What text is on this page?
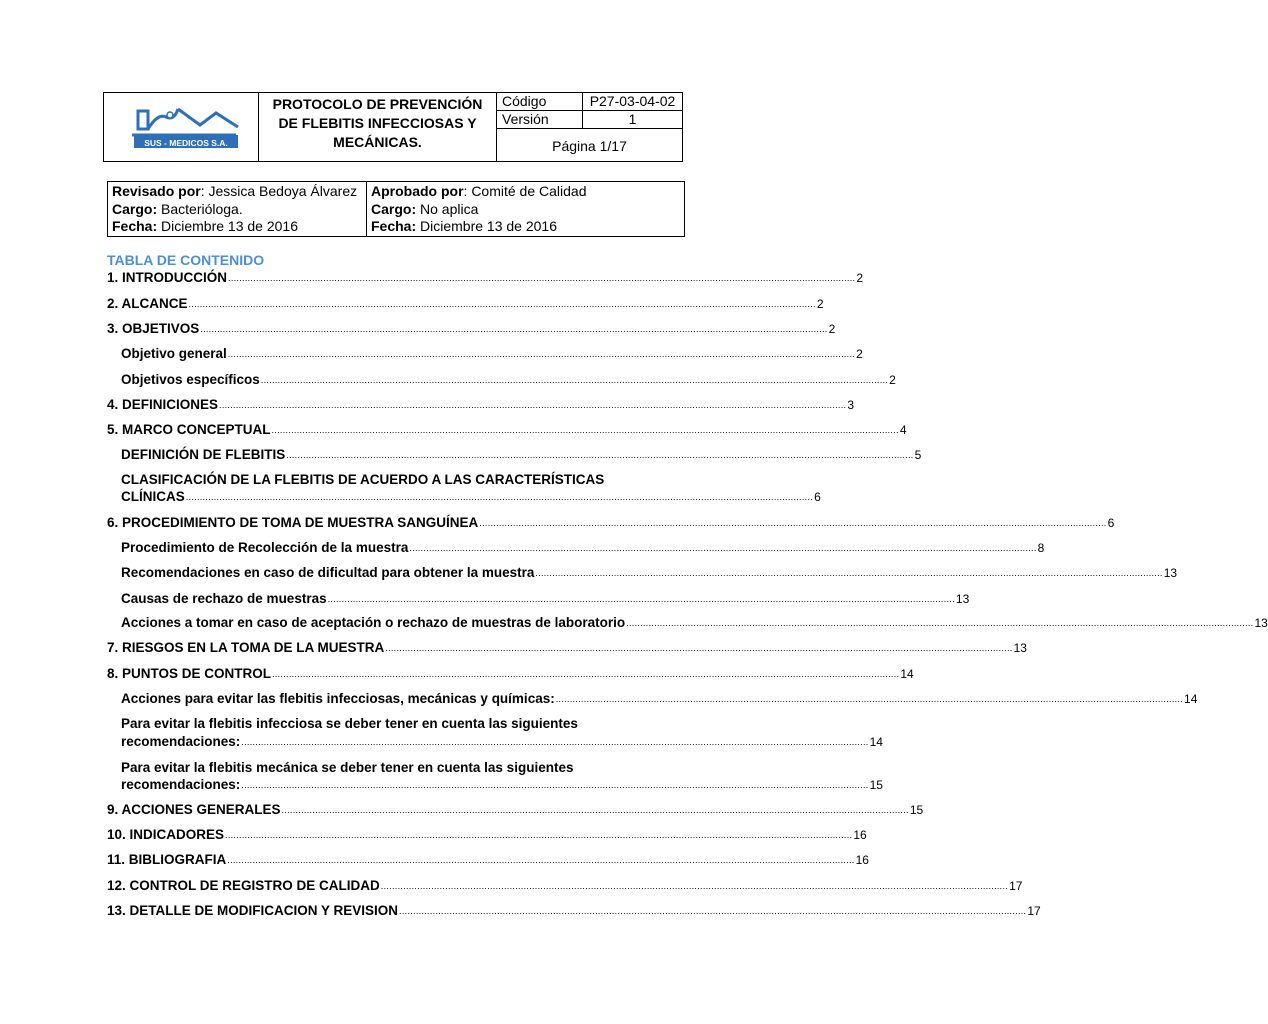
SUS - MEDICOS S.A.
PROTOCOLO DE PREVENCIÓN
DE FLEBITIS INFECCIOSAS Y
MECÁNICAS.
Código	P27-03-04-02
Versión	1
Página 1/17
Revisado por: Jessica Bedoya Álvarez
Cargo: Bacterióloga.
Fecha: Diciembre 13 de 2016
Aprobado por: Comité de Calidad
Cargo: No aplica
Fecha: Diciembre 13 de 2016
TABLA DE CONTENIDO
1. INTRODUCCIÓN ................................................................................................................................................................................................................................ 2
2. ALCANCE ................................................................................................................................................................................................................................ 2
3. OBJETIVOS ................................................................................................................................................................................................................................ 2
Objetivo general ................................................................................................................................................................................................................................ 2
Objetivos específicos ................................................................................................................................................................................................................................ 2
4. DEFINICIONES ................................................................................................................................................................................................................................ 3
5. MARCO CONCEPTUAL ................................................................................................................................................................................................................................ 4
DEFINICIÓN DE FLEBITIS ................................................................................................................................................................................................................................ 5
CLASIFICACIÓN DE LA FLEBITIS DE ACUERDO A LAS CARACTERÍSTICAS
CLÍNICAS ................................................................................................................................................................................................................................ 6
6. PROCEDIMIENTO DE TOMA DE MUESTRA SANGUÍNEA ................................................................................................................................................................................................................................ 6
Procedimiento de Recolección de la muestra ................................................................................................................................................................................................................................ 8
Recomendaciones en caso de dificultad para obtener la muestra ................................................................................................................................................................................................................................ 13
Causas de rechazo de muestras ................................................................................................................................................................................................................................ 13
Acciones a tomar en caso de aceptación o rechazo de muestras de laboratorio ................................................................................................................................................................................................................................ 13
7. RIESGOS EN LA TOMA DE LA MUESTRA ................................................................................................................................................................................................................................ 13
8. PUNTOS DE CONTROL ................................................................................................................................................................................................................................ 14
Acciones para evitar las flebitis infecciosas, mecánicas y químicas: ................................................................................................................................................................................................................................ 14
Para evitar la flebitis infecciosa se deber tener en cuenta las siguientes
recomendaciones: ................................................................................................................................................................................................................................ 14
Para evitar la flebitis mecánica se deber tener en cuenta las siguientes
recomendaciones: ................................................................................................................................................................................................................................ 15
9. ACCIONES GENERALES ................................................................................................................................................................................................................................ 15
10. INDICADORES ................................................................................................................................................................................................................................ 16
11. BIBLIOGRAFIA ................................................................................................................................................................................................................................ 16
12. CONTROL DE REGISTRO DE CALIDAD ................................................................................................................................................................................................................................ 17
13. DETALLE DE MODIFICACION Y REVISION ................................................................................................................................................................................................................................ 17
